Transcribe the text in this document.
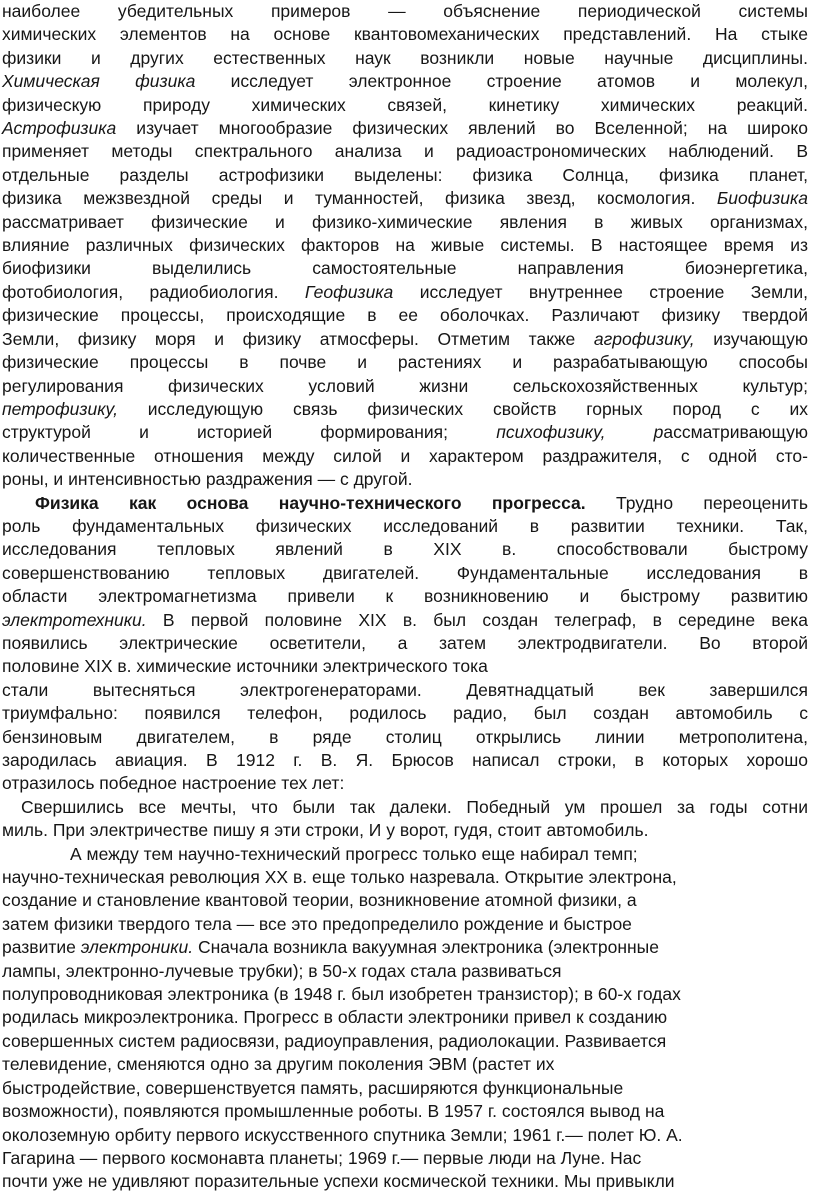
наиболее убедительных примеров — объяснение периодической системы
химических элементов на основе квантовомеханических представлений. На стыке
физики и других естественных наук возникли новые научные дисциплины.
Химическая физика исследует электронное строение атомов и молекул,
физическую природу химических связей, кинетику химических реакций.
Астрофизика изучает многообразие физических явлений во Вселенной; на широко
применяет методы спектрального анализа и радиоастрономических наблюдений. В
отдельные разделы астрофизики выделены: физика Солнца, физика планет,
физика межзвездной среды и туманностей, физика звезд, космология. Биофизика
рассматривает физические и физико-химические явления в живых организмах,
влияние различных физических факторов на живые системы. В настоящее время из
биофизики выделились самостоятельные направления биоэнергетика,
фотобиология, радиобиология. Геофизика исследует внутреннее строение Земли,
физические процессы, происходящие в ее оболочках. Различают физику твердой
Земли, физику моря и физику атмосферы. Отметим также агрофизику, изучающую
физические процессы в почве и растениях и разрабатывающую способы
регулирования физических условий жизни сельскохозяйственных культур;
петрофизику, исследующую связь физических свойств горных пород с их
структурой и историей формирования; психофизику, рассматривающую
количественные отношения между силой и характером раздражителя, с одной сто-
роны, и интенсивностью раздражения — с другой.
Физика как основа научно-технического прогресса. Трудно переоценить
роль фундаментальных физических исследований в развитии техники. Так,
исследования тепловых явлений в XIX в. способствовали быстрому
совершенствованию тепловых двигателей. Фундаментальные исследования в
области электромагнетизма привели к возникновению и быстрому развитию
электротехники. В первой половине XIX в. был создан телеграф, в середине века
появились электрические осветители, а затем электродвигатели. Во второй
половине XIX в. химические источники электрического тока
стали вытесняться электрогенераторами. Девятнадцатый век завершился
триумфально: появился телефон, родилось радио, был создан автомобиль с
бензиновым двигателем, в ряде столиц открылись линии метрополитена,
зародилась авиация. В 1912 г. В. Я. Брюсов написал строки, в которых хорошо
отразилось победное настроение тех лет:
Свершились все мечты, что были так далеки. Победный ум прошел за годы сотни
миль. При электричестве пишу я эти строки, И у ворот, гудя, стоит автомобиль.
А между тем научно-технический прогресс только еще набирал темп;
научно-техническая революция XX в. еще только назревала. Открытие электрона,
создание и становление квантовой теории, возникновение атомной физики, а
затем физики твердого тела — все это предопределило рождение и быстрое
развитие электроники. Сначала возникла вакуумная электроника (электронные
лампы, электронно-лучевые трубки); в 50-х годах стала развиваться
полупроводниковая электроника (в 1948 г. был изобретен транзистор); в 60-х годах
родилась микроэлектроника. Прогресс в области электроники привел к созданию
совершенных систем радиосвязи, радиоуправления, радиолокации. Развивается
телевидение, сменяются одно за другим поколения ЭВМ (растет их
быстродействие, совершенствуется память, расширяются функциональные
возможности), появляются промышленные роботы. В 1957 г. состоялся вывод на
околоземную орбиту первого искусственного спутника Земли; 1961 г.— полет Ю. А.
Гагарина — первого космонавта планеты; 1969 г.— первые люди на Луне. Нас
почти уже не удивляют поразительные успехи космической техники. Мы привыкли
